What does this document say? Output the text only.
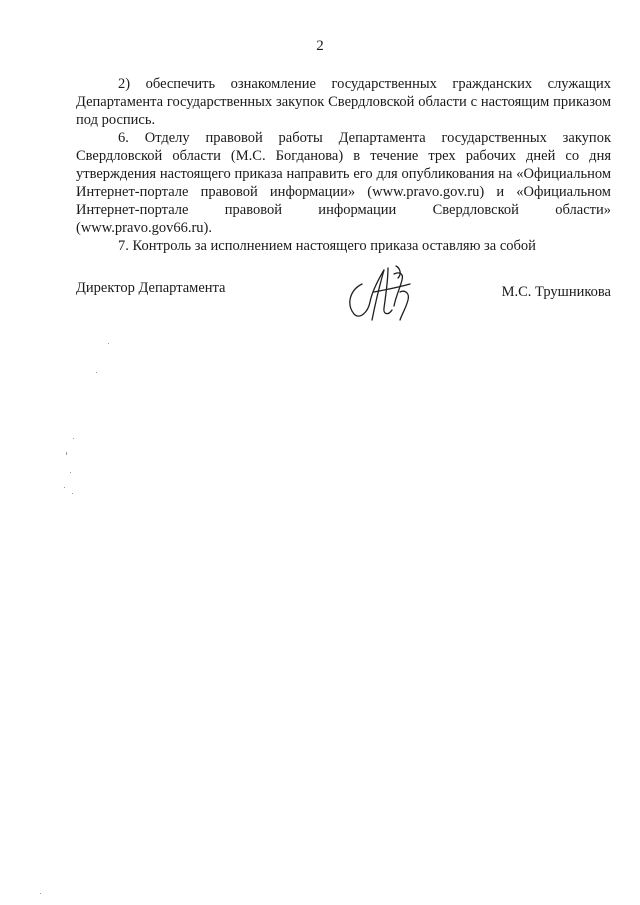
2

2) обеспечить ознакомление государственных гражданских служащих Департамента государственных закупок Свердловской области с настоящим приказом под роспись.

6. Отделу правовой работы Департамента государственных закупок Свердловской области (М.С. Богданова) в течение трех рабочих дней со дня утверждения настоящего приказа направить его для опубликования на «Официальном Интернет-портале правовой информации» (www.pravo.gov.ru) и «Официальном Интернет-портале правовой информации Свердловской области» (www.pravo.gov66.ru).

7. Контроль за исполнением настоящего приказа оставляю за собой

Директор Департамента	М.С. Трушникова
